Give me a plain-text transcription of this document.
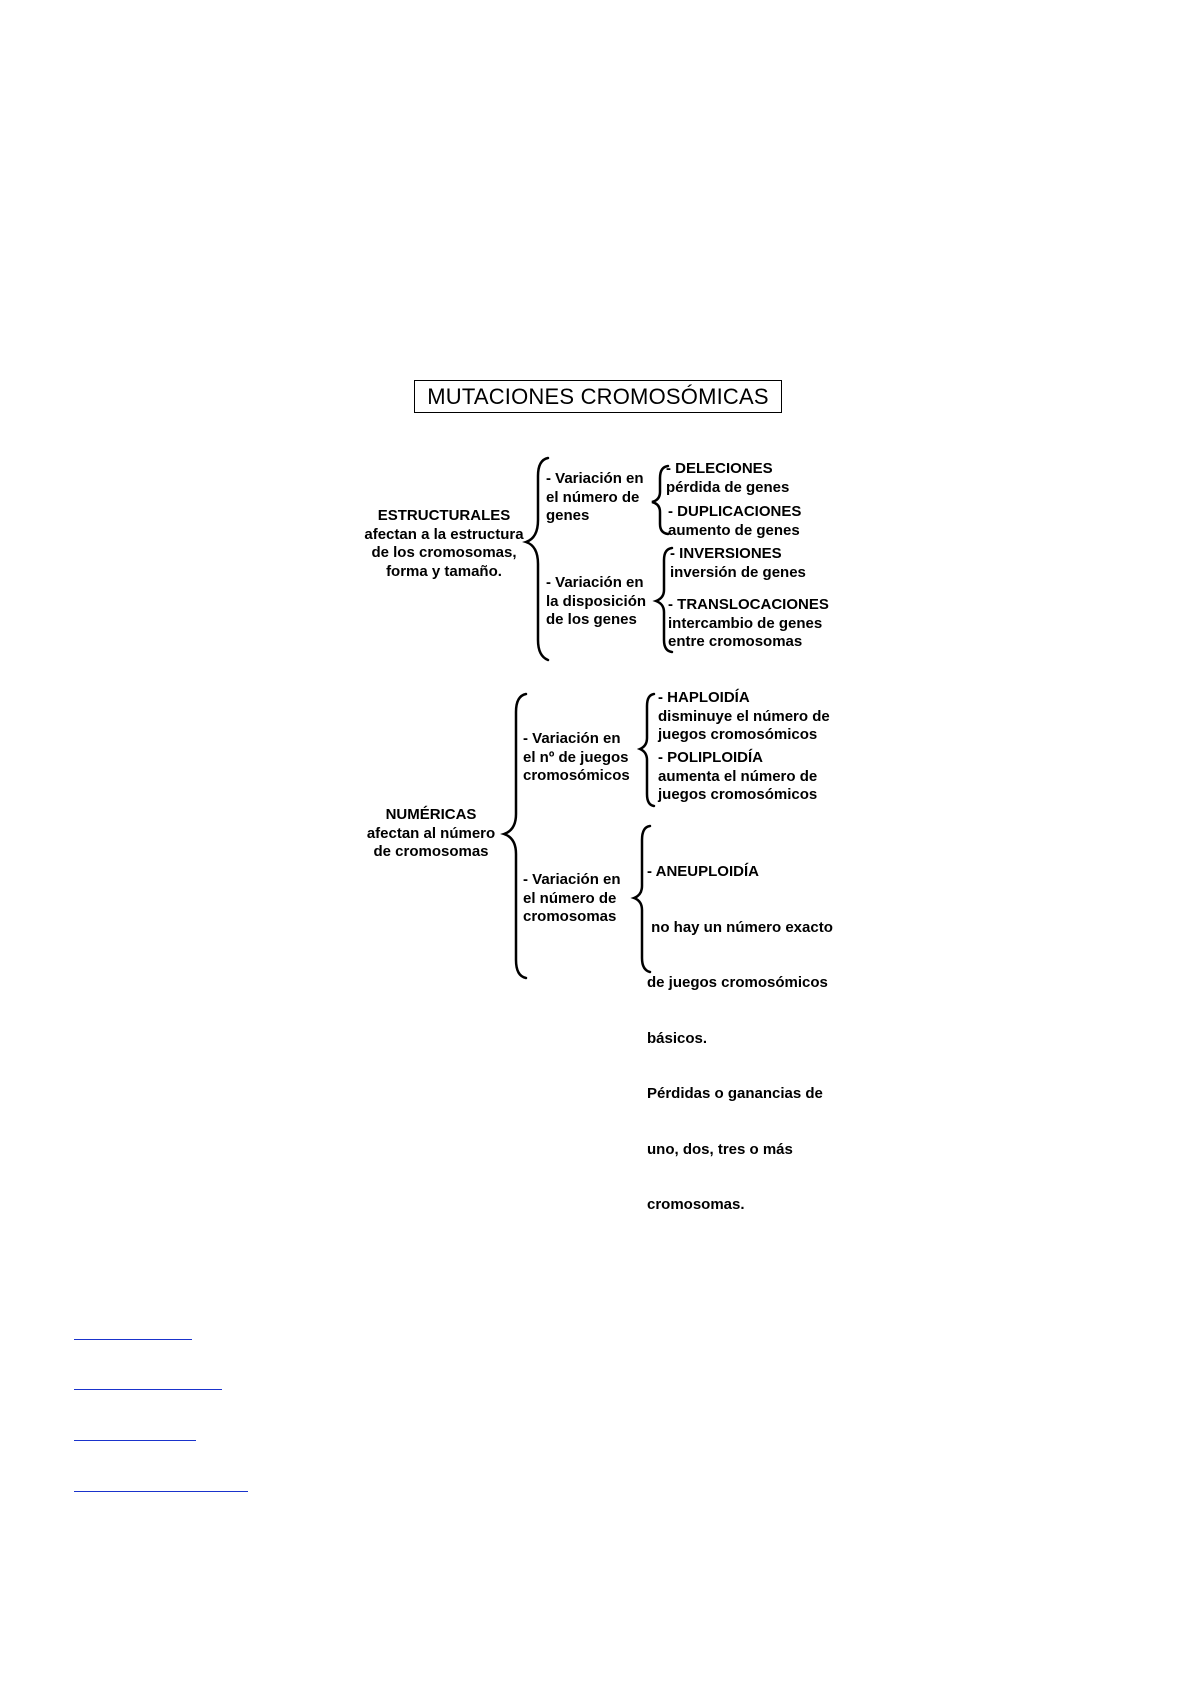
MUTACIONES CROMOSÓMICAS
ESTRUCTURALES
afectan a la estructura
de los cromosomas,
forma y tamaño.
- Variación en
el número de
genes
- Variación en
la disposición
de los genes
- DELECIONES
pérdida de genes
- DUPLICACIONES
aumento de genes
- INVERSIONES
inversión de genes
- TRANSLOCACIONES
intercambio de genes
entre cromosomas
NUMÉRICAS
afectan al número
de cromosomas
- Variación en
el nº de juegos
cromosómicos
- Variación en
el número de
cromosomas
- HAPLOIDÍA
disminuye el número de
juegos cromosómicos
- POLIPLOIDÍA
aumenta el número de
juegos cromosómicos

- ANEUPLOIDÍA

no hay un número exacto

de juegos cromosómicos

básicos.

Pérdidas o ganancias de

uno, dos, tres o más

cromosomas.
